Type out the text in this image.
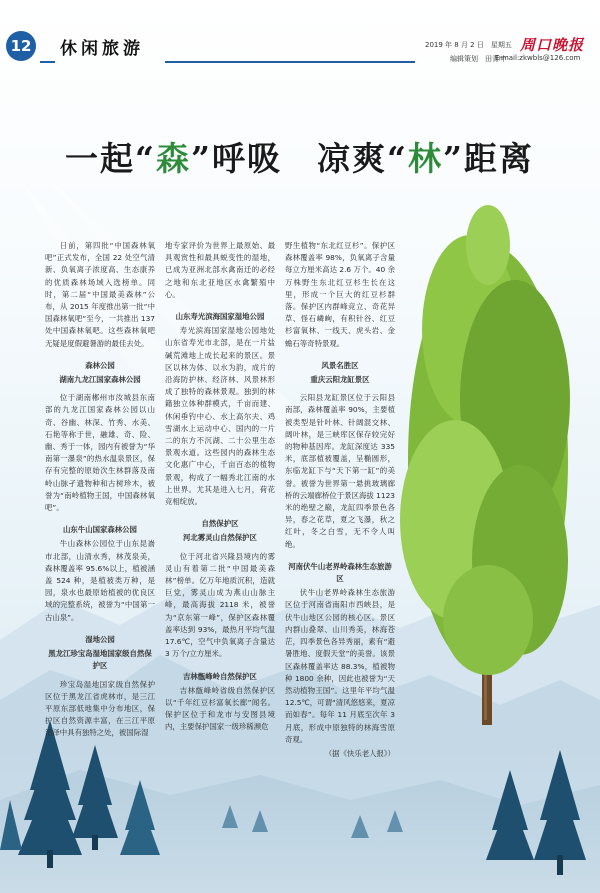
12 休闲旅游	2019 年 8 月 2 日　星期五
编辑策划　田青叶
周口晚报
E-mail:zkwbls@126.com
一起“森”呼吸　凉爽“林”距离

日前，第四批“中国森林氧吧”正式发布，全国 22 处空气清新、负氧离子浓度高、生态康养的优质森林场域入选榜单。同时，第二届“中国最美森林”公布，从 2015 年度推出第一批“中国森林氧吧”至今，一共推出 137 处中国森林氧吧。这些森林氧吧无疑是度假避暑游的最佳去处。

森林公园
湖南九龙江国家森林公园

位于湖南郴州市汝城县东南部的九龙江国家森林公园以山奇、谷幽、林深、竹秀、水美、石艳等称于世，融雄、奇、险、幽、秀于一体，园内有被誉为“华南第一瀑泉”的热水温泉景区，保存有完整的原始次生林群落及南岭山脉孑遗物种和古树珍木，被誉为“南岭植物王国，中国森林氧吧”。

山东牛山国家森林公园

牛山森林公园位于山东昆嵛市北部，山清水秀，林茂泉美，森林覆盖率 95.6%以上，植被涵盖 524 种，是植被类万种，是园，泉水也最原始植被的优良区域的完整系统，被誉为“中国第一古山泉”。

湿地公园
黑龙江珍宝岛湿地国家级自然保护区

珍宝岛湿地国家级自然保护区位于黑龙江省虎林市，是三江平原东部低地集中分布地区，保护区自然资源丰富，在三江平原沼泽中具有独特之处，被国际湿

地专家评价为世界上最原始、最具观赏性和最具蜕变性的湿地，已成为亚洲北部水禽南迁的必经之地和东北亚地区水禽繁殖中心。

山东寿光滨海国家湿地公园

寿光滨海国家湿地公园地处山东省寿光市北部，是在一片盐碱荒滩地上成长起来的景区。景区以林为体、以水为韵，成片的沿海防护林、经济林、风景林形成了独特的森林景观。独到的林籍独立体种群模式，千亩而建、休闲垂钓中心、水上高尔夫、鸡雪湖水上运动中心、国内的一片二的东方不沉湖、二十公里生态景观水道。这些园内的森林生态文化惠广中心，千亩百态的植物景观，构成了一幅秀北江南的水上世界。尤其是进入七月，荷花竞相绽放。

自然保护区
河北雾灵山自然保护区

位于河北省兴隆县境内的雾灵山有着第二批“中国最美森林”榜单。亿万年地质沉积，造就巨党，雾灵山成为燕山山脉主峰，最高海拔 2118 米，被誉为“京东第一峰”，保护区森林覆盖率达到 93%，最热月平均气温17.6℃，空气中负氧离子含量达 3 万个/立方厘米。

吉林甑峰岭自然保护区

吉林甑峰岭省级自然保护区以“千年红豆杉富氧长廊”闻名。保护区位于和龙市与安图县境内，主要保护国家一级珍稀濒危

野生植物“东北红豆杉”。保护区森林覆盖率 98%，负氧离子含量每立方厘米高达 2.6 万个。40 余万株野生东北红豆杉生长在这里，形成一个巨大的红豆杉群落。保护区内群峰竞立、奇花异草、怪石嶙峋，有积针谷、红豆杉富氧林、一线天、虎头岩、金蟾石等奇特景观。

风景名胜区
重庆云阳龙缸景区

云阳县龙缸景区位于云阳县南部，森林覆盖率 90%，主要植被类型是针叶林、针阔混交林、阔叶林，是三峡库区保存较完好的物种基因库。龙缸深度达 335米，底部植被覆盖，呈椭圆形，东临龙缸下与“天下第一缸”的美誉。被誉为世界第一悬挑玻璃廊桥的云端廊桥位于景区海拔 1123 米的绝壁之巅，龙缸四季景色各异，春之花草，夏之飞瀑，秋之红叶，冬之白雪，无不令人叫绝。

河南伏牛山老界岭森林生态旅游区

伏牛山老界岭森林生态旅游区位于河南省南阳市西峡县，是伏牛山地区公园的核心区。景区内群山叠翠、山川秀美，林海苍茫，四季景色各异秀丽，素有“避暑胜地、度假天堂”的美誉。该景区森林覆盖率达 88.3%，植被物种 1800 余种，因此也被誉为“天然动植物王国”。这里年平均气温 12.5℃，可谓“清风悠悠来，夏凉而如春”。每年 11 月底至次年 3 月底，形成中原独特的林海雪原奇观。

（据《快乐老人报》）
